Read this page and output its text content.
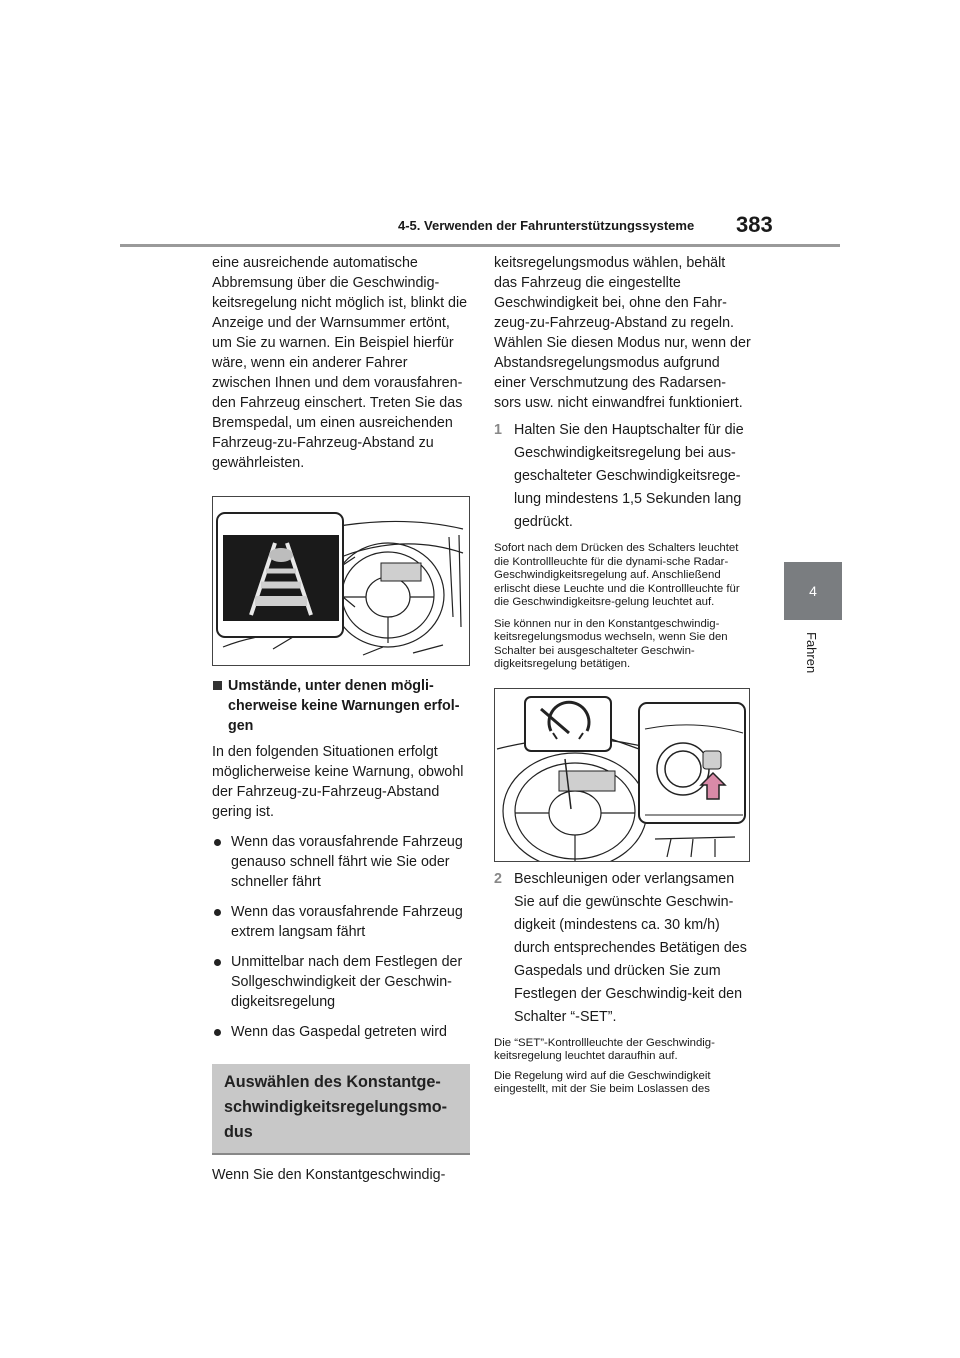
4-5. Verwenden der Fahrunterstützungssysteme 383
4
Fahren

eine ausreichende automatische Abbremsung über die Geschwindig-keitsregelung nicht möglich ist, blinkt die Anzeige und der Warnsummer ertönt, um Sie zu warnen. Ein Beispiel hierfür wäre, wenn ein anderer Fahrer zwischen Ihnen und dem vorausfahren-den Fahrzeug einschert. Treten Sie das Bremspedal, um einen ausreichenden Fahrzeug-zu-Fahrzeug-Abstand zu gewährleisten.

Umstände, unter denen mögli-cherweise keine Warnungen erfol-gen

In den folgenden Situationen erfolgt möglicherweise keine Warnung, obwohl der Fahrzeug-zu-Fahrzeug-Abstand gering ist.

Wenn das vorausfahrende Fahrzeug genauso schnell fährt wie Sie oder schneller fährt
Wenn das vorausfahrende Fahrzeug extrem langsam fährt
Unmittelbar nach dem Festlegen der Sollgeschwindigkeit der Geschwin-digkeitsregelung
Wenn das Gaspedal getreten wird
Auswählen des Konstantge-schwindigkeitsregelungsmo-dus

Wenn Sie den Konstantgeschwindig-

keitsregelungsmodus wählen, behält das Fahrzeug die eingestellte Geschwindigkeit bei, ohne den Fahr-zeug-zu-Fahrzeug-Abstand zu regeln. Wählen Sie diesen Modus nur, wenn der Abstandsregelungsmodus aufgrund einer Verschmutzung des Radarsen-sors usw. nicht einwandfrei funktioniert.

1 Halten Sie den Hauptschalter für die Geschwindigkeitsregelung bei aus-geschalteter Geschwindigkeitsrege-lung mindestens 1,5 Sekunden lang gedrückt.

Sofort nach dem Drücken des Schalters leuchtet die Kontrollleuchte für die dynami-sche Radar-Geschwindigkeitsregelung auf. Anschließend erlischt diese Leuchte und die Kontrollleuchte für die Geschwindigkeitsre-gelung leuchtet auf.

Sie können nur in den Konstantgeschwindig-keitsregelungsmodus wechseln, wenn Sie den Schalter bei ausgeschalteter Geschwin-digkeitsregelung betätigen.

2 Beschleunigen oder verlangsamen Sie auf die gewünschte Geschwin-digkeit (mindestens ca. 30 km/h) durch entsprechendes Betätigen des Gaspedals und drücken Sie zum Festlegen der Geschwindig-keit den Schalter “-SET”.

Die “SET”-Kontrollleuchte der Geschwindig-keitsregelung leuchtet daraufhin auf.

Die Regelung wird auf die Geschwindigkeit eingestellt, mit der Sie beim Loslassen des
